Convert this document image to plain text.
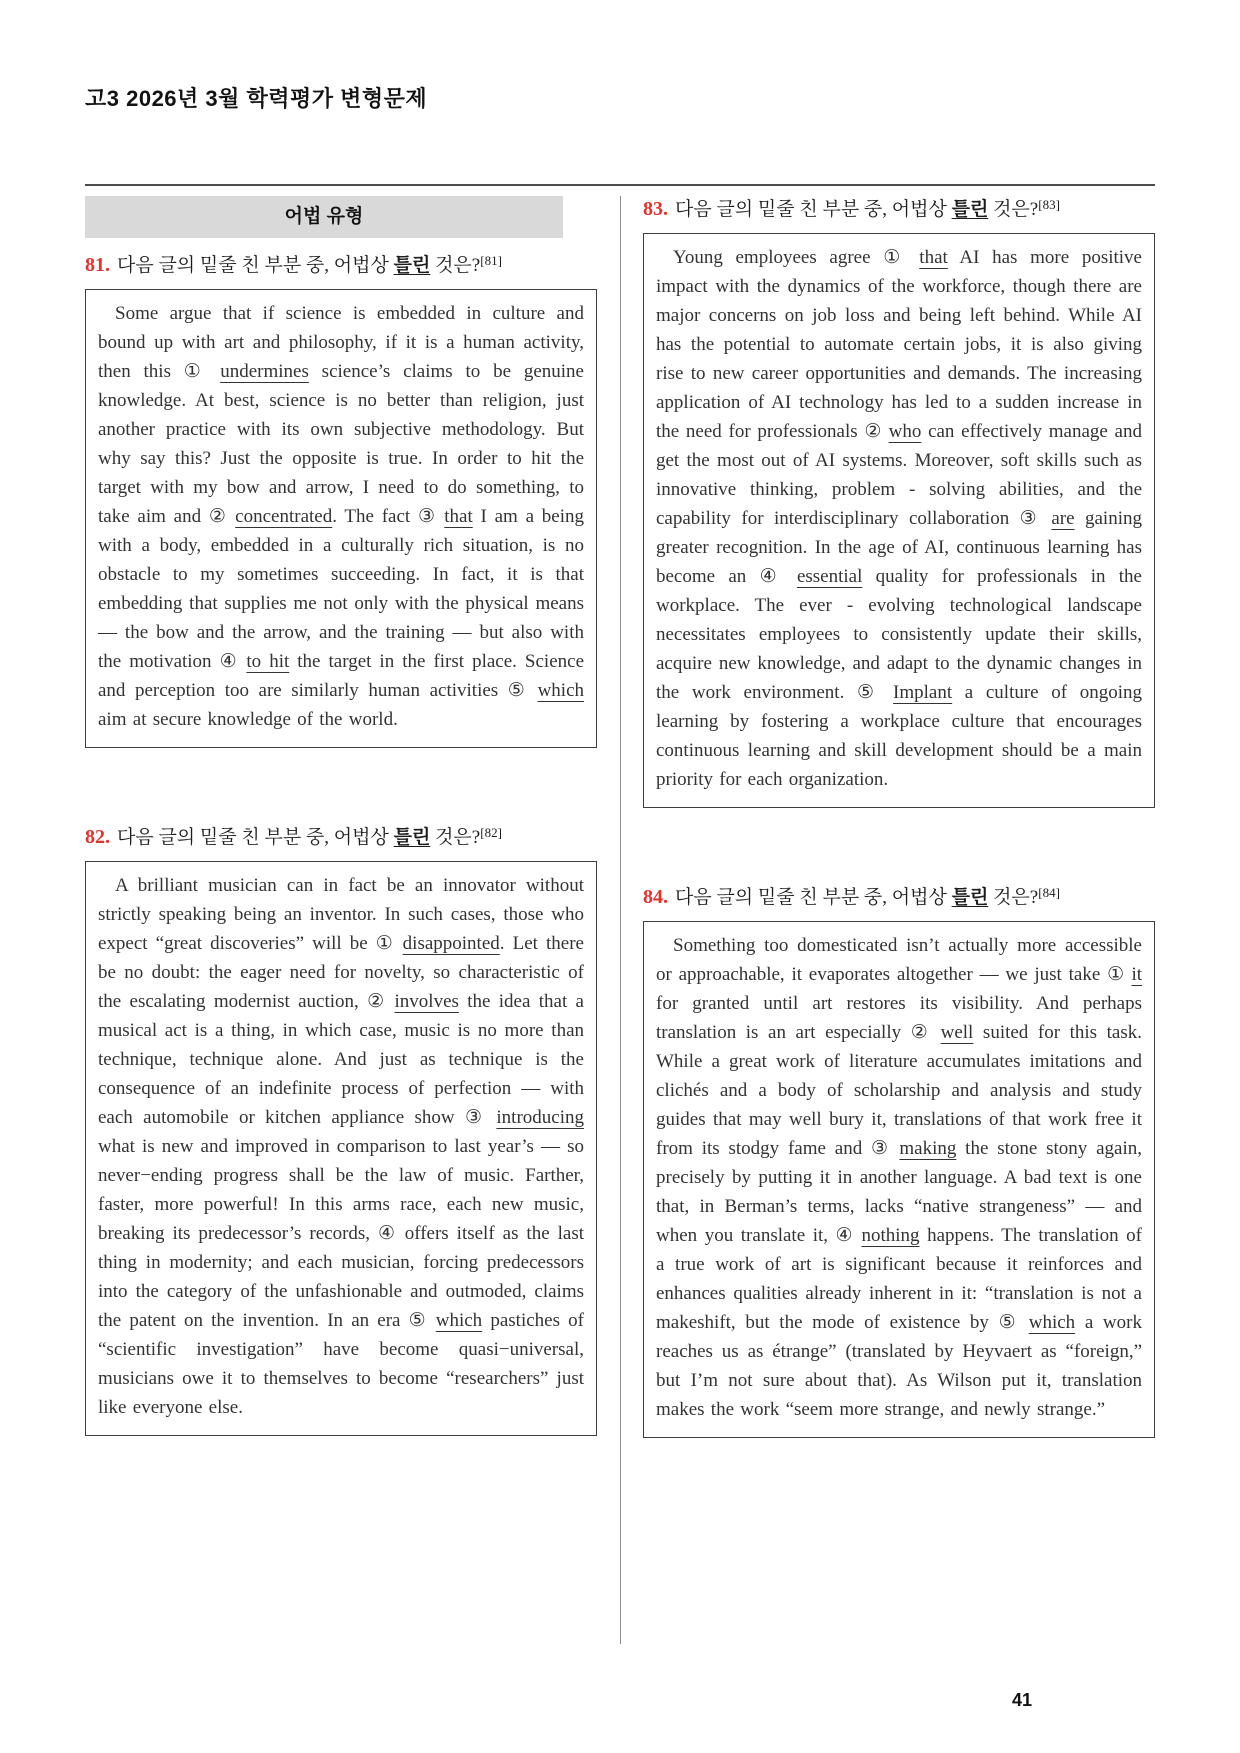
고3 2026년 3월 학력평가 변형문제
어법 유형
81. 다음 글의 밑줄 친 부분 중, 어법상 틀린 것은?[81]

Some argue that if science is embedded in culture and bound up with art and philosophy, if it is a human activity, then this ① undermines science’s claims to be genuine knowledge. At best, science is no better than religion, just another practice with its own subjective methodology. But why say this? Just the opposite is true. In order to hit the target with my bow and arrow, I need to do something, to take aim and ② concentrated. The fact ③ that I am a being with a body, embedded in a culturally rich situation, is no obstacle to my sometimes succeeding. In fact, it is that embedding that supplies me not only with the physical means — the bow and the arrow, and the training — but also with the motivation ④ to hit the target in the first place. Science and perception too are similarly human activities ⑤ which aim at secure knowledge of the world.

82. 다음 글의 밑줄 친 부분 중, 어법상 틀린 것은?[82]

A brilliant musician can in fact be an innovator without strictly speaking being an inventor. In such cases, those who expect “great discoveries” will be ① disappointed. Let there be no doubt: the eager need for novelty, so characteristic of the escalating modernist auction, ② involves the idea that a musical act is a thing, in which case, music is no more than technique, technique alone. And just as technique is the consequence of an indefinite process of perfection — with each automobile or kitchen appliance show ③ introducing what is new and improved in comparison to last year’s — so never−ending progress shall be the law of music. Farther, faster, more powerful! In this arms race, each new music, breaking its predecessor’s records, ④ offers itself as the last thing in modernity; and each musician, forcing predecessors into the category of the unfashionable and outmoded, claims the patent on the invention. In an era ⑤ which pastiches of “scientific investigation” have become quasi−universal, musicians owe it to themselves to become “researchers” just like everyone else.

83. 다음 글의 밑줄 친 부분 중, 어법상 틀린 것은?[83]

Young employees agree ① that AI has more positive impact with the dynamics of the workforce, though there are major concerns on job loss and being left behind. While AI has the potential to automate certain jobs, it is also giving rise to new career opportunities and demands. The increasing application of AI technology has led to a sudden increase in the need for professionals ② who can effectively manage and get the most out of AI systems. Moreover, soft skills such as innovative thinking, problem - solving abilities, and the capability for interdisciplinary collaboration ③ are gaining greater recognition. In the age of AI, continuous learning has become an ④ essential quality for professionals in the workplace. The ever - evolving technological landscape necessitates employees to consistently update their skills, acquire new knowledge, and adapt to the dynamic changes in the work environment. ⑤ Implant a culture of ongoing learning by fostering a workplace culture that encourages continuous learning and skill development should be a main priority for each organization.

84. 다음 글의 밑줄 친 부분 중, 어법상 틀린 것은?[84]

Something too domesticated isn’t actually more accessible or approachable, it evaporates altogether — we just take ① it for granted until art restores its visibility. And perhaps translation is an art especially ② well suited for this task. While a great work of literature accumulates imitations and clichés and a body of scholarship and analysis and study guides that may well bury it, translations of that work free it from its stodgy fame and ③ making the stone stony again, precisely by putting it in another language. A bad text is one that, in Berman’s terms, lacks “native strangeness” — and when you translate it, ④ nothing happens. The translation of a true work of art is significant because it reinforces and enhances qualities already inherent in it: “translation is not a makeshift, but the mode of existence by ⑤ which a work reaches us as étrange” (translated by Heyvaert as “foreign,” but I’m not sure about that). As Wilson put it, translation makes the work “seem more strange, and newly strange.”

41
